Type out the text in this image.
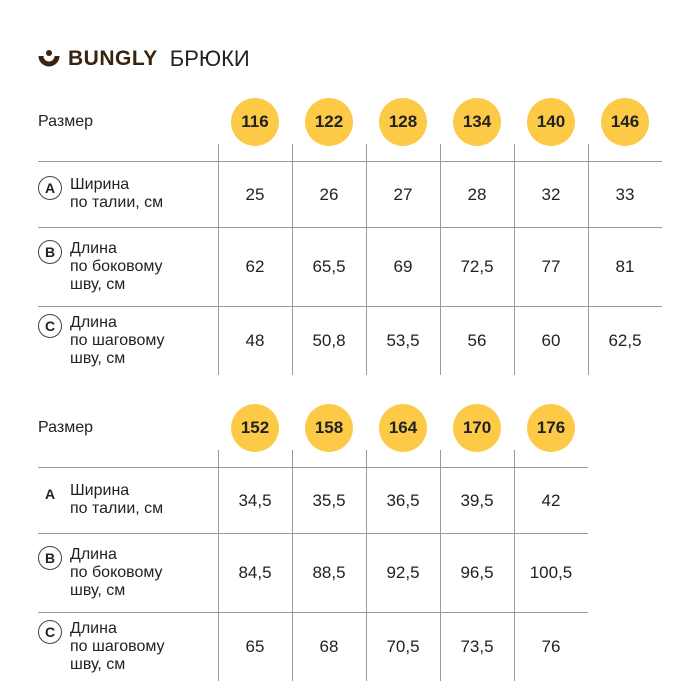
BUNGLY БРЮКИ
Размер	116	122	128	134	140	146
A Ширина
по талии, см	25	26	27	28	32	33
B Длина
по боковому
шву, см
62	65,5	69	72,5	77	81
C Длина
по шаговому
шву, см
48	50,8	53,5	56	60	62,5
Размер	152	158	164	170	176
A Ширина
по талии, см	34,5	35,5	36,5	39,5	42
B Длина
по боковому
шву, см
84,5	88,5	92,5	96,5	100,5
C Длина
по шаговому
шву, см
65	68	70,5	73,5	76
